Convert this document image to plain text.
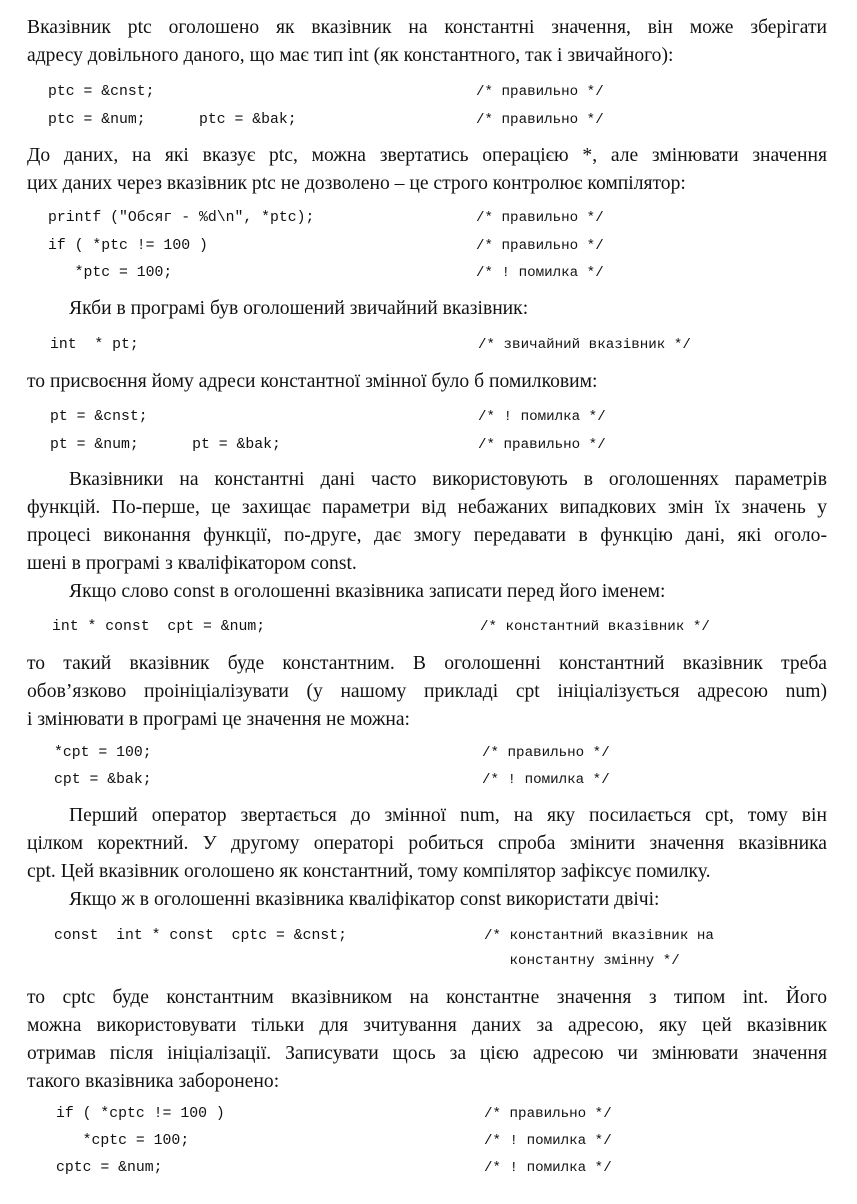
Вказівник ptc оголошено як вказівник на константні значення, він може зберігати
адресу довільного даного, що має тип int (як константного, так і звичайного):
ptc = &cnst;	/* правильно */
ptc = &num;      ptc = &bak;	/* правильно */
До даних, на які вказує ptc, можна звертатись операцією *, але змінювати значення
цих даних через вказівник ptc не дозволено – це строго контролює компілятор:
printf ("Обсяг - %d\n", *ptc);	/* правильно */
if ( *ptc != 100 )	/* правильно */
*ptc = 100;	/* ! помилка */
Якби в програмі був оголошений звичайний вказівник:
int  * pt;	/* звичайний вказівник */
то присвоєння йому адреси константної змінної було б помилковим:
pt = &cnst;	/* ! помилка */
pt = &num;      pt = &bak;	/* правильно */
Вказівники на константні дані часто використовують в оголошеннях параметрів
функцій. По-перше, це захищає параметри від небажаних випадкових змін їх значень у
процесі виконання функції, по-друге, дає змогу передавати в функцію дані, які оголо-
шені в програмі з кваліфікатором const.
Якщо слово const в оголошенні вказівника записати перед його іменем:
int * const  cpt = &num;	/* константний вказівник */
то такий вказівник буде константним. В оголошенні константний вказівник треба
обов’язково проініціалізувати (у нашому прикладі cpt ініціалізується адресою num)
і змінювати в програмі це значення не можна:
*cpt = 100;	/* правильно */
cpt = &bak;	/* ! помилка */
Перший оператор звертається до змінної num, на яку посилається cpt, тому він
цілком коректний. У другому операторі робиться спроба змінити значення вказівника
cpt. Цей вказівник оголошено як константний, тому компілятор зафіксує помилку.
Якщо ж в оголошенні вказівника кваліфікатор const використати двічі:
const  int * const  cptc = &cnst;	/* константний вказівник на
константну змінну */
то cptc буде константним вказівником на константне значення з типом int. Його
можна використовувати тільки для зчитування даних за адресою, яку цей вказівник
отримав після ініціалізації. Записувати щось за цією адресою чи змінювати значення
такого вказівника заборонено:
if ( *cptc != 100 )	/* правильно */
*cptc = 100;	/* ! помилка */
cptc = &num;	/* ! помилка */
